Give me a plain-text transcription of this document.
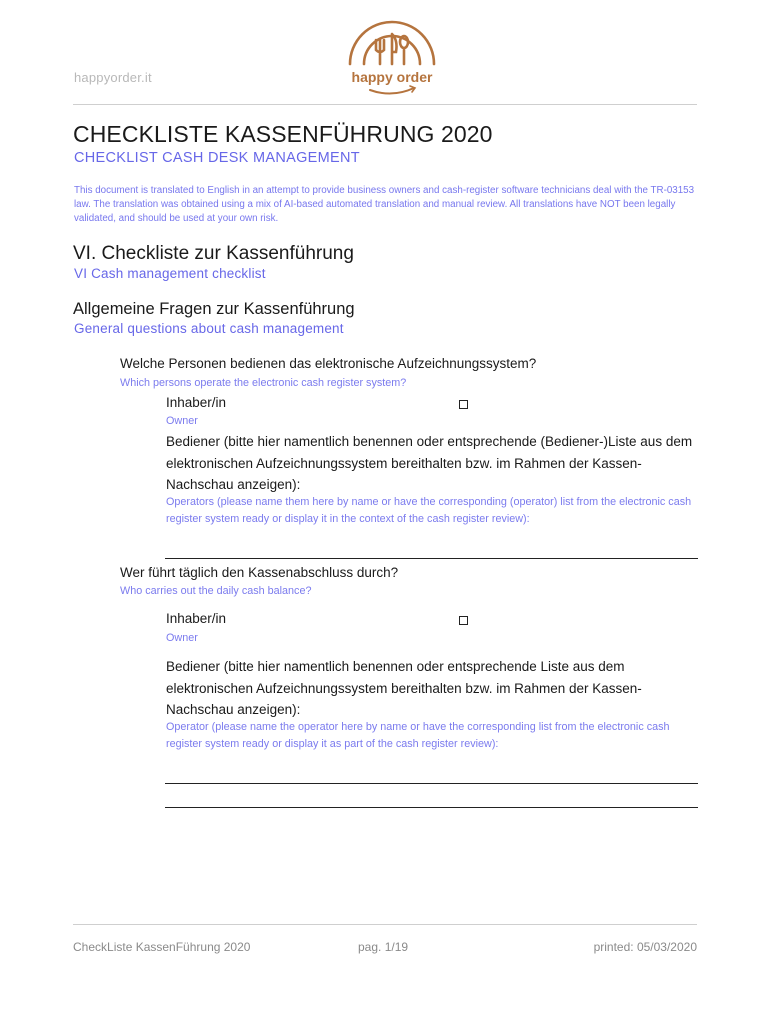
happyorder.it	happy order
CHECKLISTE KASSENFÜHRUNG 2020
CHECKLIST CASH DESK MANAGEMENT
This document is translated to English in an attempt to provide business owners and cash-register software technicians deal with the TR-03153 law. The translation was obtained using a mix of AI-based automated translation and manual review. All translations have NOT been legally validated, and should be used at your own risk.
VI. Checkliste zur Kassenführung
VI Cash management checklist
Allgemeine Fragen zur Kassenführung
General questions about cash management
Welche Personen bedienen das elektronische Aufzeichnungssystem?
Which persons operate the electronic cash register system?
Inhaber/in
Owner
Bediener (bitte hier namentlich benennen oder entsprechende (Bediener-)Liste aus dem elektronischen Aufzeichnungssystem bereithalten bzw. im Rahmen der Kassen-Nachschau anzeigen):
Operators (please name them here by name or have the corresponding (operator) list from the electronic cash register system ready or display it in the context of the cash register review):
Wer führt täglich den Kassenabschluss durch?
Who carries out the daily cash balance?
Inhaber/in
Owner
Bediener (bitte hier namentlich benennen oder entsprechende Liste aus dem elektronischen Aufzeichnungssystem bereithalten bzw. im Rahmen der Kassen-Nachschau anzeigen):
Operator (please name the operator here by name or have the corresponding list from the electronic cash register system ready or display it as part of the cash register review):
CheckListe KassenFührung 2020	pag. 1/19	printed: 05/03/2020
